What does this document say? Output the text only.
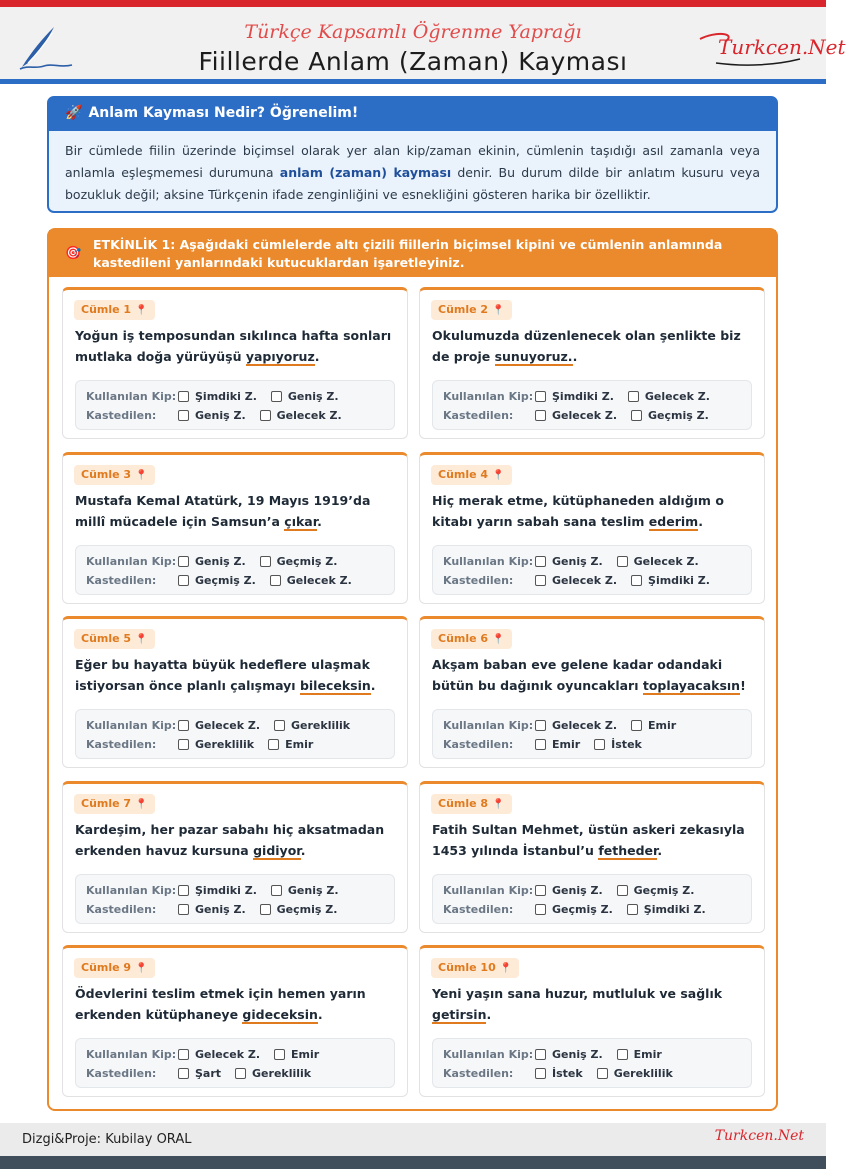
Türkçe Kapsamlı Öğrenme Yaprağı
Fiillerde Anlam (Zaman) Kayması	Turkcen.Net
🚀 Anlam Kayması Nedir? Öğrenelim!
Bir cümlede fiilin üzerinde biçimsel olarak yer alan kip/zaman ekinin, cümlenin taşıdığı asıl zamanla veya anlamla eşleşmemesi durumuna anlam (zaman) kayması denir. Bu durum dilde bir anlatım kusuru veya bozukluk değil; aksine Türkçenin ifade zenginliğini ve esnekliğini gösteren harika bir özelliktir.
🎯
ETKİNLİK 1: Aşağıdaki cümlelerde altı çizili fiillerin biçimsel kipini ve cümlenin anlamında kastedileni yanlarındaki kutucuklardan işaretleyiniz.
Cümle 1 📍
Yoğun iş temposundan sıkılınca hafta sonları mutlaka doğa yürüyüşü yapıyoruz.
Kullanılan Kip: Şimdiki Z.	Geniş Z.
Kastedilen:	Geniş Z.	Gelecek Z.
Cümle 2 📍
Okulumuzda düzenlenecek olan şenlikte biz de proje sunuyoruz..
Kullanılan Kip: Şimdiki Z.	Gelecek Z.
Kastedilen:	Gelecek Z.	Geçmiş Z.
Cümle 3 📍
Mustafa Kemal Atatürk, 19 Mayıs 1919’da millî mücadele için Samsun’a çıkar.
Kullanılan Kip: Geniş Z.	Geçmiş Z.
Kastedilen:	Geçmiş Z.	Gelecek Z.
Cümle 4 📍
Hiç merak etme, kütüphaneden aldığım o kitabı yarın sabah sana teslim ederim.
Kullanılan Kip: Geniş Z.	Gelecek Z.
Kastedilen:	Gelecek Z.	Şimdiki Z.
Cümle 5 📍
Eğer bu hayatta büyük hedeflere ulaşmak istiyorsan önce planlı çalışmayı bileceksin.
Kullanılan Kip: Gelecek Z.	Gereklilik
Kastedilen:	Gereklilik	Emir
Cümle 6 📍
Akşam baban eve gelene kadar odandaki bütün bu dağınık oyuncakları toplayacaksın!
Kullanılan Kip: Gelecek Z.	Emir
Kastedilen:	Emir	İstek
Cümle 7 📍
Kardeşim, her pazar sabahı hiç aksatmadan erkenden havuz kursuna gidiyor.
Kullanılan Kip: Şimdiki Z.	Geniş Z.
Kastedilen:	Geniş Z.	Geçmiş Z.
Cümle 8 📍
Fatih Sultan Mehmet, üstün askeri zekasıyla 1453 yılında İstanbul’u fetheder.
Kullanılan Kip: Geniş Z.	Geçmiş Z.
Kastedilen:	Geçmiş Z.	Şimdiki Z.
Cümle 9 📍
Ödevlerini teslim etmek için hemen yarın erkenden kütüphaneye gideceksin.
Kullanılan Kip: Gelecek Z.	Emir
Kastedilen:	Şart	Gereklilik
Cümle 10 📍
Yeni yaşın sana huzur, mutluluk ve sağlık getirsin.
Kullanılan Kip: Geniş Z.	Emir
Kastedilen:	İstek	Gereklilik
Dizgi&Proje: Kubilay ORAL	Turkcen.Net
